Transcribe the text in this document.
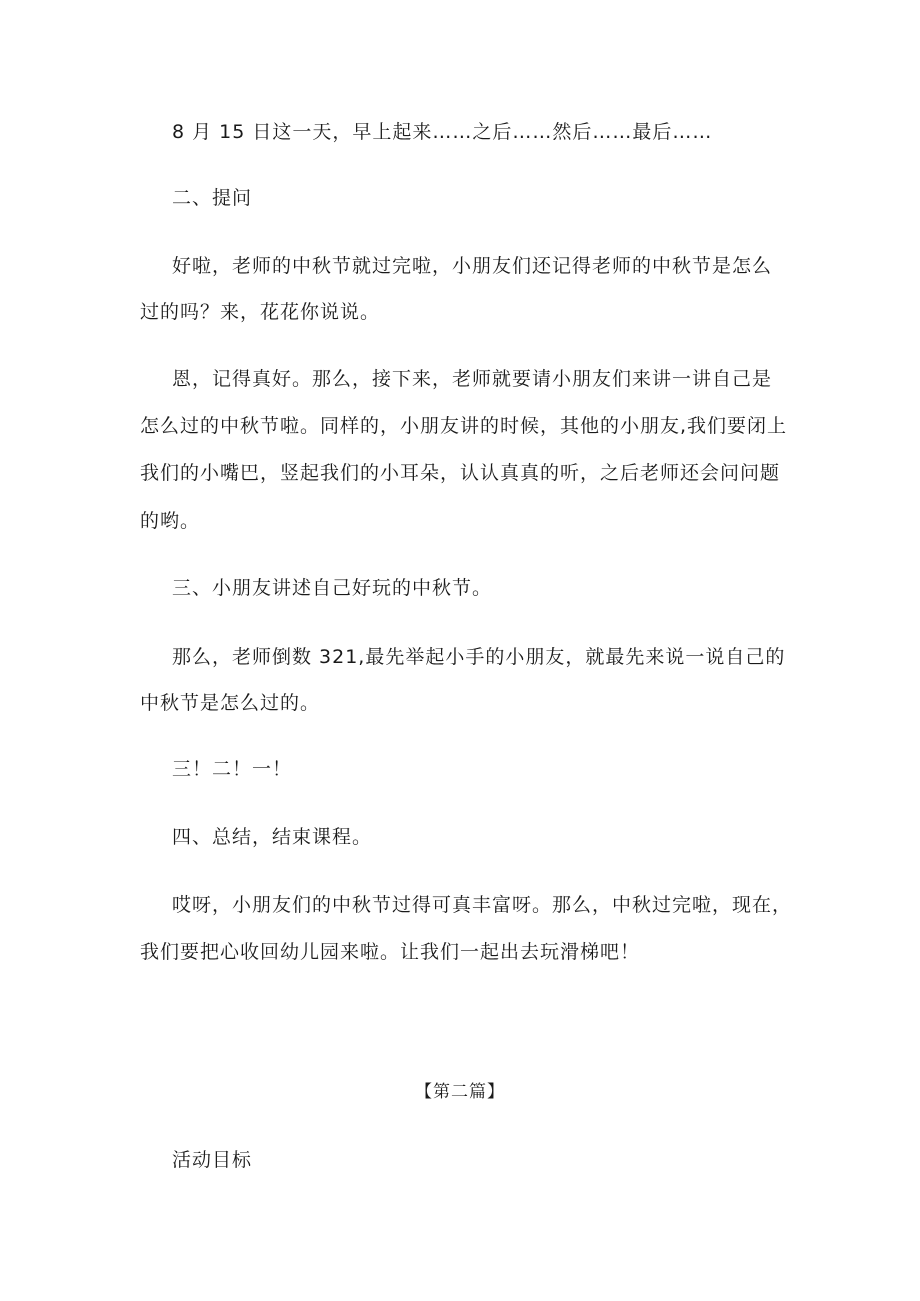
8 月 15 日这一天，早上起来……之后……然后……最后……
二、提问
好啦，老师的中秋节就过完啦，小朋友们还记得老师的中秋节是怎么
过的吗？来，花花你说说。
恩，记得真好。那么，接下来，老师就要请小朋友们来讲一讲自己是
怎么过的中秋节啦。同样的，小朋友讲的时候，其他的小朋友,我们要闭上
我们的小嘴巴，竖起我们的小耳朵，认认真真的听，之后老师还会问问题
的哟。
三、小朋友讲述自己好玩的中秋节。
那么，老师倒数 321,最先举起小手的小朋友，就最先来说一说自己的
中秋节是怎么过的。
三！二！一！
四、总结，结束课程。
哎呀，小朋友们的中秋节过得可真丰富呀。那么，中秋过完啦，现在，
我们要把心收回幼儿园来啦。让我们一起出去玩滑梯吧！
【第二篇】
活动目标
